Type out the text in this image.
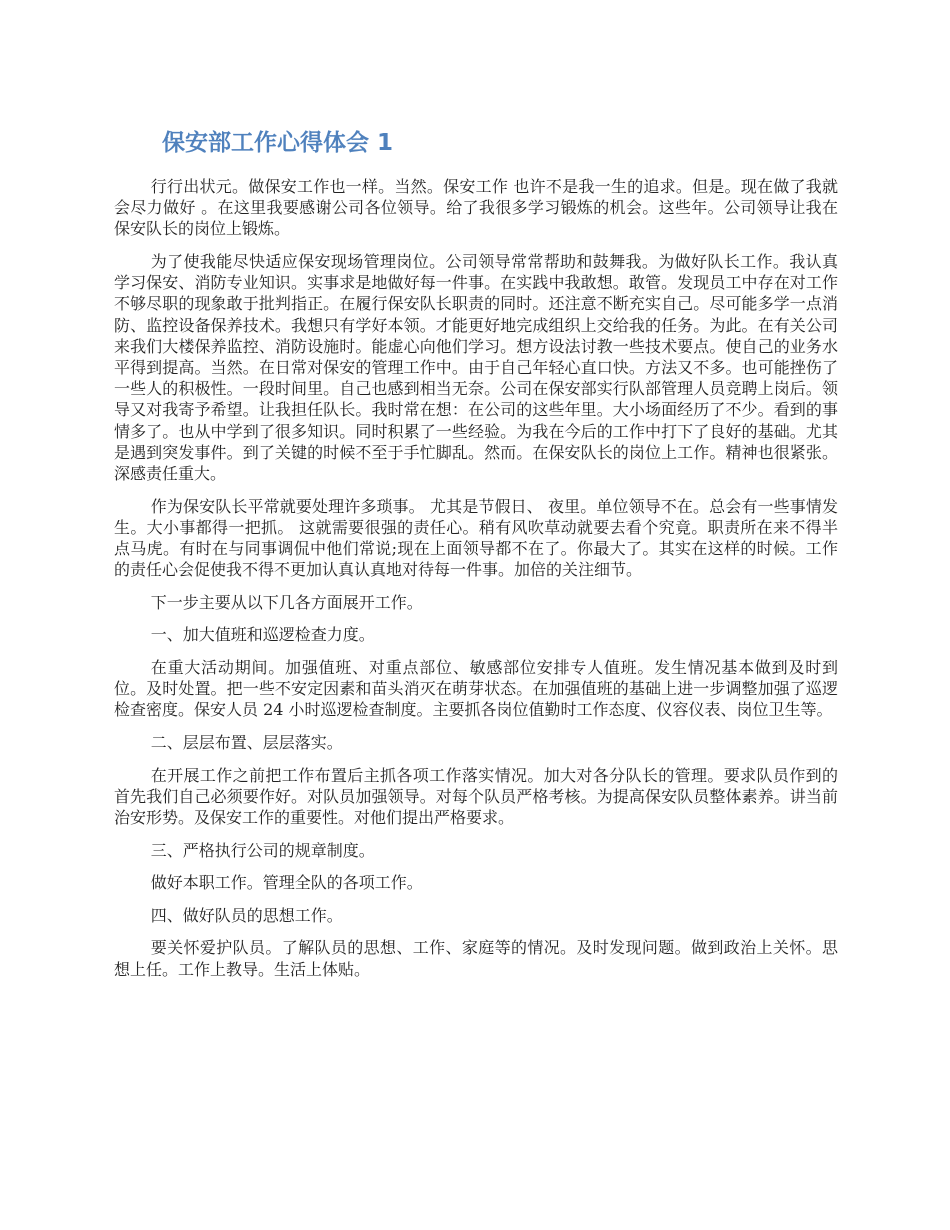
保安部工作心得体会 1

行行出状元。做保安工作也一样。当然。保安工作 也许不是我一生的追求。但是。现在做了我就会尽力做好 。在这里我要感谢公司各位领导。给了我很多学习锻炼的机会。这些年。公司领导让我在保安队长的岗位上锻炼。

为了使我能尽快适应保安现场管理岗位。公司领导常常帮助和鼓舞我。为做好队长工作。我认真学习保安、消防专业知识。实事求是地做好每一件事。在实践中我敢想。敢管。发现员工中存在对工作不够尽职的现象敢于批判指正。在履行保安队长职责的同时。还注意不断充实自己。尽可能多学一点消防、监控设备保养技术。我想只有学好本领。才能更好地完成组织上交给我的任务。为此。在有关公司来我们大楼保养监控、消防设施时。能虚心向他们学习。想方设法讨教一些技术要点。使自己的业务水平得到提高。当然。在日常对保安的管理工作中。由于自己年轻心直口快。方法又不多。也可能挫伤了一些人的积极性。一段时间里。自己也感到相当无奈。公司在保安部实行队部管理人员竞聘上岗后。领导又对我寄予希望。让我担任队长。我时常在想：在公司的这些年里。大小场面经历了不少。看到的事情多了。也从中学到了很多知识。同时积累了一些经验。为我在今后的工作中打下了良好的基础。尤其是遇到突发事件。到了关键的时候不至于手忙脚乱。然而。在保安队长的岗位上工作。精神也很紧张。深感责任重大。

作为保安队长平常就要处理许多琐事。 尤其是节假日、 夜里。单位领导不在。总会有一些事情发生。大小事都得一把抓。 这就需要很强的责任心。稍有风吹草动就要去看个究竟。职责所在来不得半点马虎。有时在与同事调侃中他们常说;现在上面领导都不在了。你最大了。其实在这样的时候。工作的责任心会促使我不得不更加认真认真地对待每一件事。加倍的关注细节。

下一步主要从以下几各方面展开工作。

一、加大值班和巡逻检查力度。

在重大活动期间。加强值班、对重点部位、敏感部位安排专人值班。发生情况基本做到及时到位。及时处置。把一些不安定因素和苗头消灭在萌芽状态。在加强值班的基础上进一步调整加强了巡逻检查密度。保安人员 24 小时巡逻检查制度。主要抓各岗位值勤时工作态度、仪容仪表、岗位卫生等。

二、层层布置、层层落实。

在开展工作之前把工作布置后主抓各项工作落实情况。加大对各分队长的管理。要求队员作到的首先我们自己必须要作好。对队员加强领导。对每个队员严格考核。为提高保安队员整体素养。讲当前治安形势。及保安工作的重要性。对他们提出严格要求。

三、严格执行公司的规章制度。

做好本职工作。管理全队的各项工作。

四、做好队员的思想工作。

要关怀爱护队员。了解队员的思想、工作、家庭等的情况。及时发现问题。做到政治上关怀。思想上任。工作上教导。生活上体贴。
